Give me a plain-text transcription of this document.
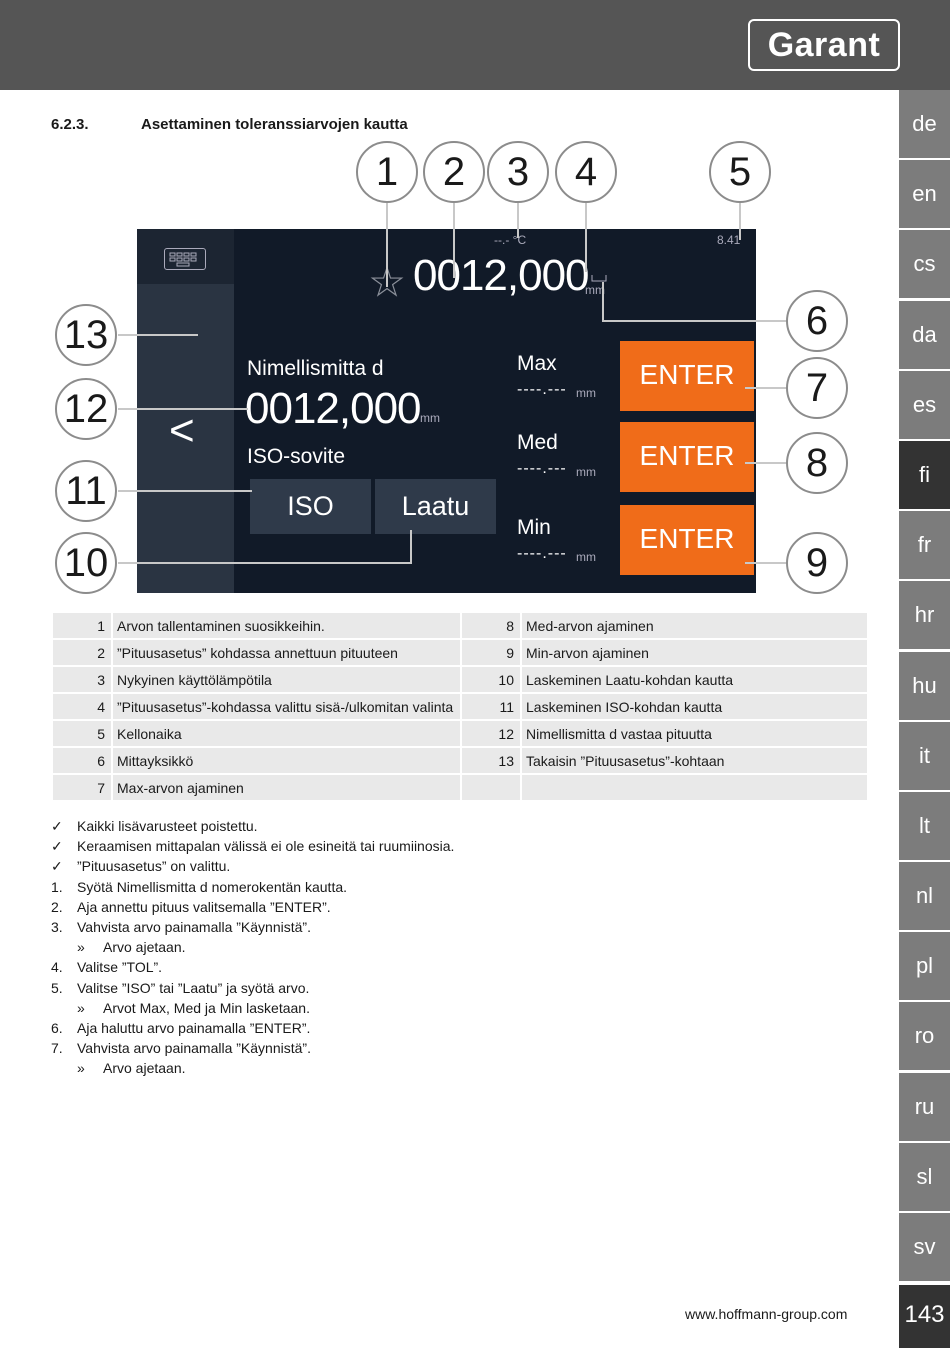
Garant
6.2.3.	Asettaminen toleranssiarvojen kautta
<
--.- °C	8.41
★ 0012,000
mm
Nimellismitta d
0012,000 mm
ISO-sovite
ISO	Laatu
Max
----.--- mm
ENTER
Med
----.--- mm
ENTER
Min
----.--- mm
ENTER
1	2	3	4	5
6
7
8
9
10
11
12
13
1	Arvon tallentaminen suosikkeihin.	8	Med-arvon ajaminen
2	”Pituusasetus” kohdassa annettuun pituuteen	9	Min-arvon ajaminen
3	Nykyinen käyttölämpötila	10	Laskeminen Laatu-kohdan kautta
4	”Pituusasetus”-kohdassa valittu sisä-/ulkomitan valinta	11	Laskeminen ISO-kohdan kautta
5	Kellonaika	12	Nimellismitta d vastaa pituutta
6	Mittayksikkö	13	Takaisin ”Pituusasetus”-kohtaan
7	Max-arvon ajaminen		
✓ Kaikki lisävarusteet poistettu.
✓ Keraamisen mittapalan välissä ei ole esineitä tai ruumiinosia.
✓ ”Pituusasetus” on valittu.
1. Syötä Nimellismitta d nomerokentän kautta.
2. Aja annettu pituus valitsemalla ”ENTER”.
3. Vahvista arvo painamalla ”Käynnistä”.
» Arvo ajetaan.
4. Valitse ”TOL”.
5. Valitse ”ISO” tai ”Laatu” ja syötä arvo.
» Arvot Max, Med ja Min lasketaan.
6. Aja haluttu arvo painamalla ”ENTER”.
7. Vahvista arvo painamalla ”Käynnistä”.
» Arvo ajetaan.
de
en
cs
da
es
fi
fr
hr
hu
it
lt
nl
pl
ro
ru
sl
sv
143
www.hoffmann-group.com
